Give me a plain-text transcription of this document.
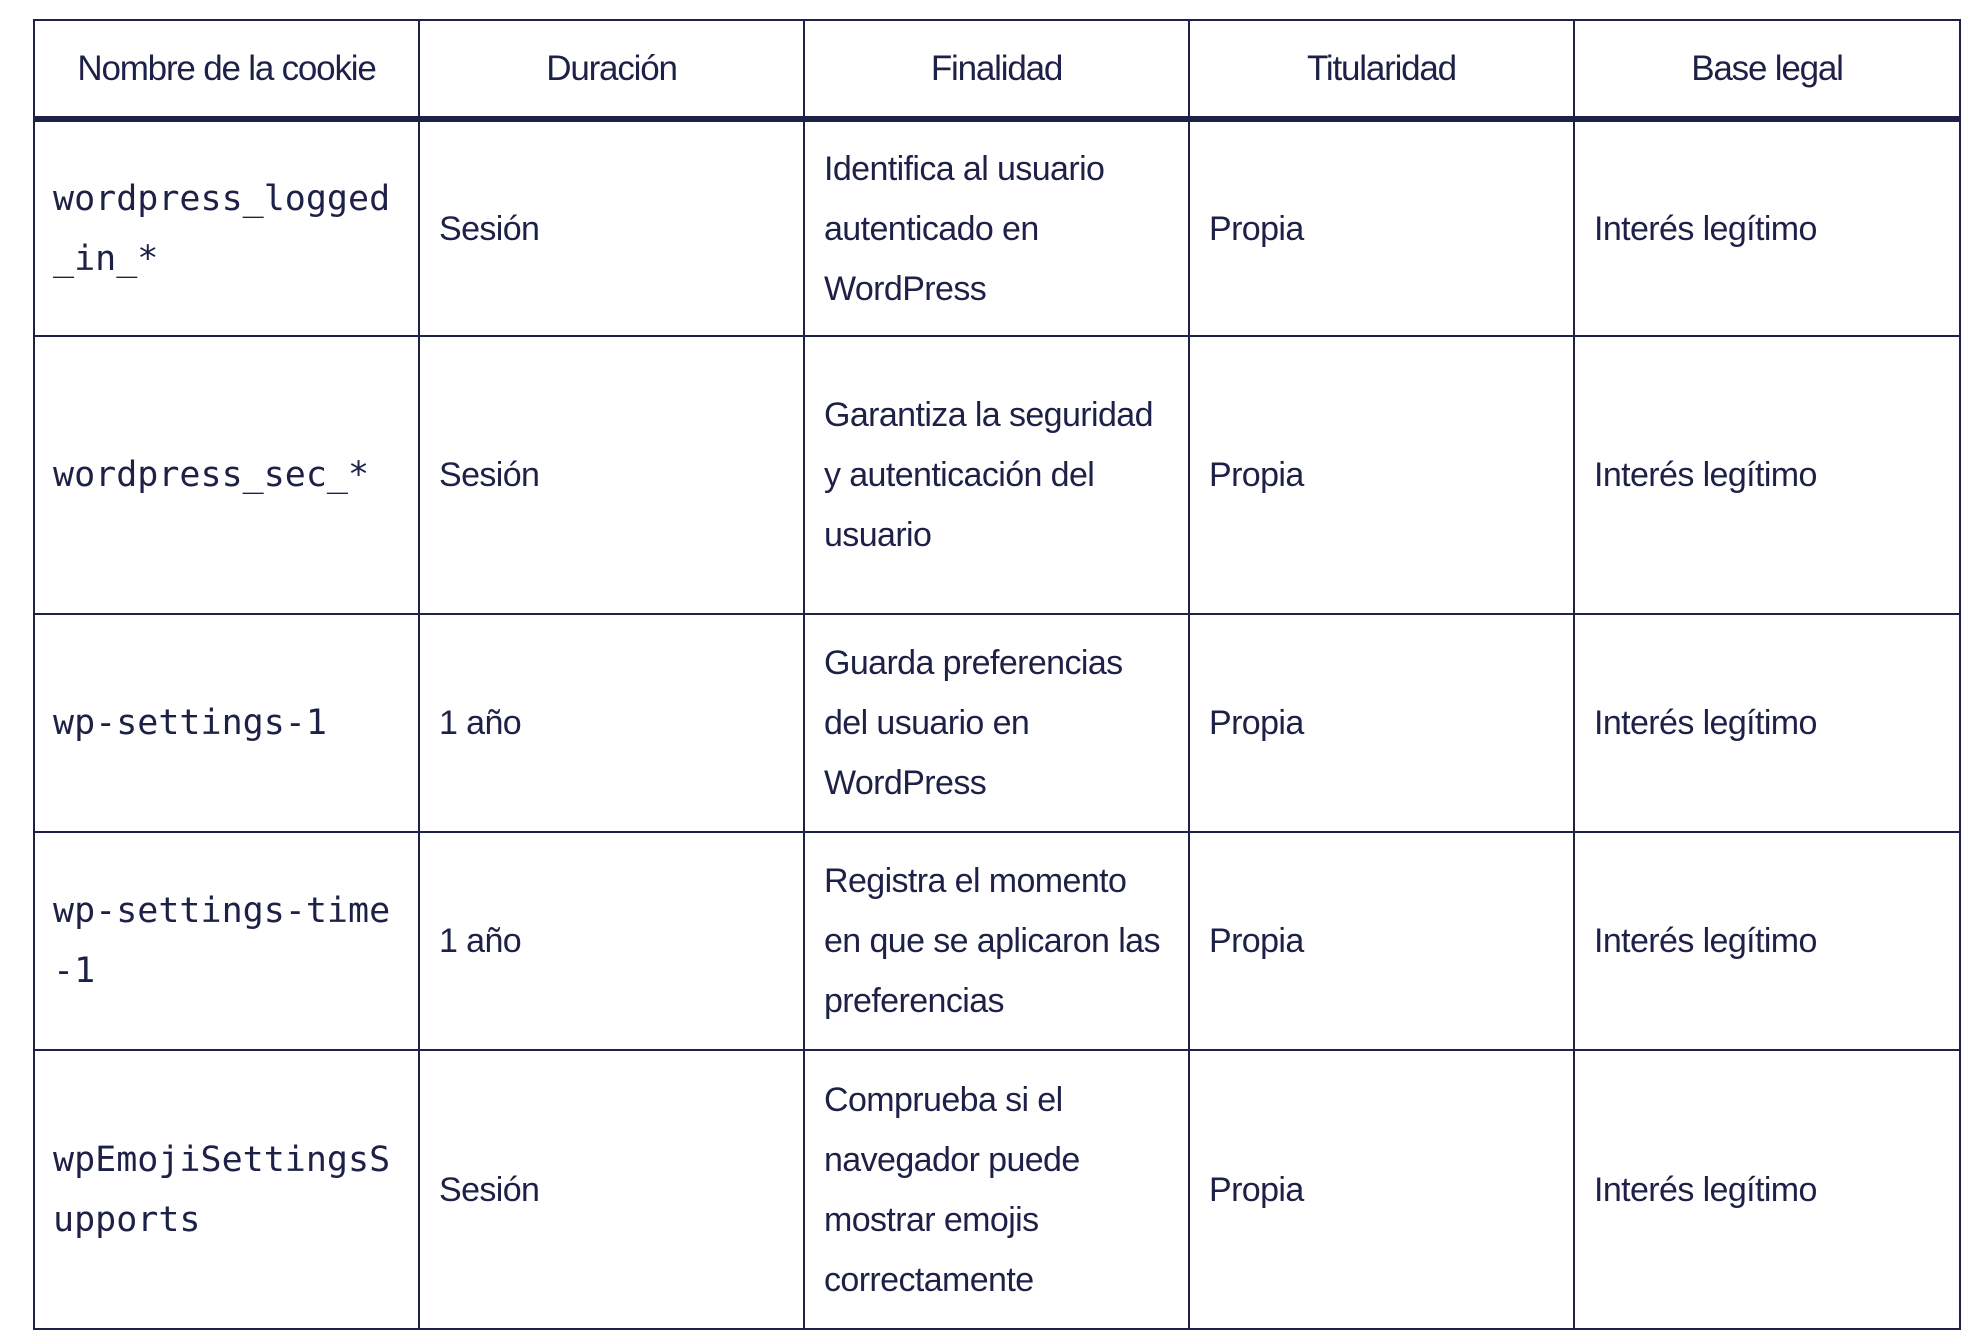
Nombre de la cookie	Duración	Finalidad	Titularidad	Base legal
wordpress_logged_in_*	Sesión	Identifica al usuario autenticado en WordPress	Propia	Interés legítimo
wordpress_sec_*	Sesión	Garantiza la seguridad y autenticación del usuario	Propia	Interés legítimo
wp-settings-1	1 año	Guarda preferencias del usuario en WordPress	Propia	Interés legítimo
wp-settings-time-1	1 año	Registra el momento en que se aplicaron las preferencias	Propia	Interés legítimo
wpEmojiSettingsSupports	Sesión	Comprueba si el navegador puede mostrar emojis correctamente	Propia	Interés legítimo
